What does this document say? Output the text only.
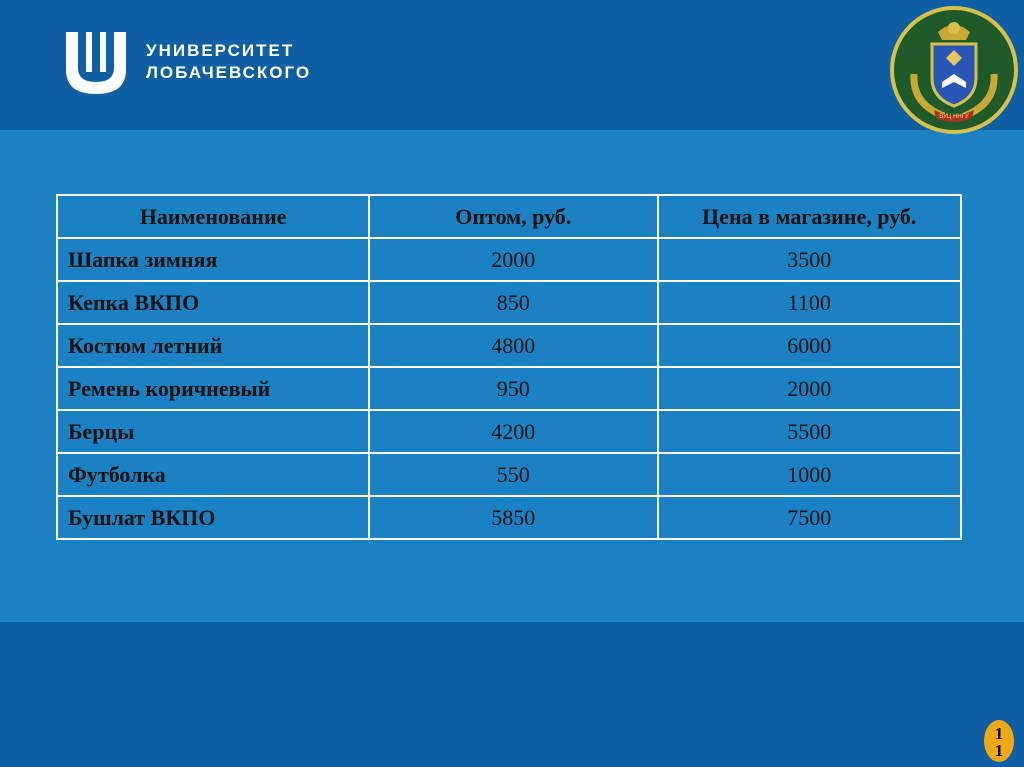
УНИВЕРСИТЕТ
ЛОБАЧЕВСКОГО
ВУЦ ННГУ
Наименование	Оптом, руб.	Цена в магазине, руб.
Шапка зимняя	2000	3500
Кепка ВКПО	850	1100
Костюм летний	4800	6000
Ремень коричневый	950	2000
Берцы	4200	5500
Футболка	550	1000
Бушлат ВКПО	5850	7500
11
